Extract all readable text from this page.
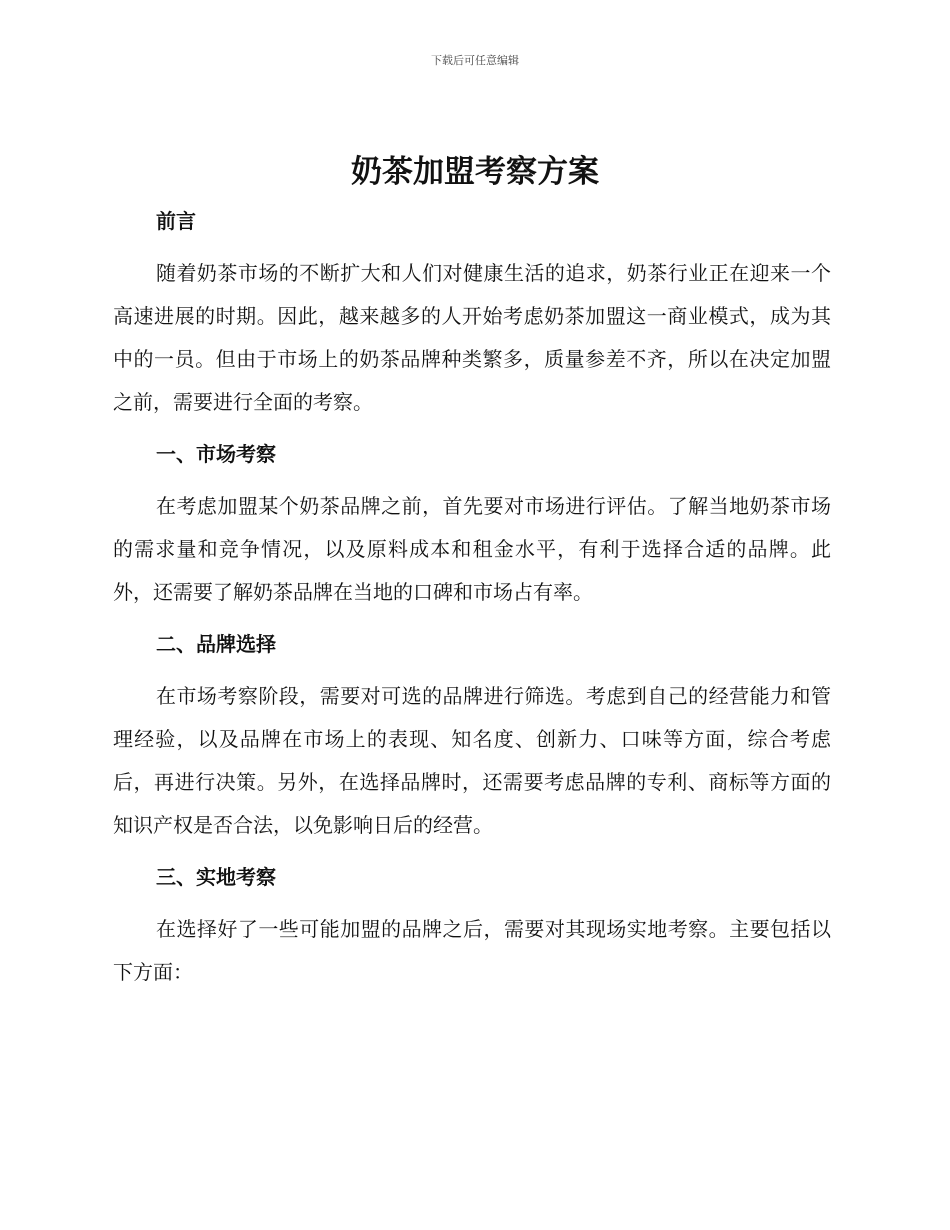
下载后可任意编辑
奶茶加盟考察方案
前言

随着奶茶市场的不断扩大和人们对健康生活的追求，奶茶行业正在迎来一个高速进展的时期。因此，越来越多的人开始考虑奶茶加盟这一商业模式，成为其中的一员。但由于市场上的奶茶品牌种类繁多，质量参差不齐，所以在决定加盟之前，需要进行全面的考察。

一、市场考察

在考虑加盟某个奶茶品牌之前，首先要对市场进行评估。了解当地奶茶市场的需求量和竞争情况，以及原料成本和租金水平，有利于选择合适的品牌。此外，还需要了解奶茶品牌在当地的口碑和市场占有率。

二、品牌选择

在市场考察阶段，需要对可选的品牌进行筛选。考虑到自己的经营能力和管理经验，以及品牌在市场上的表现、知名度、创新力、口味等方面，综合考虑后，再进行决策。另外，在选择品牌时，还需要考虑品牌的专利、商标等方面的知识产权是否合法，以免影响日后的经营。

三、实地考察

在选择好了一些可能加盟的品牌之后，需要对其现场实地考察。主要包括以下方面：
